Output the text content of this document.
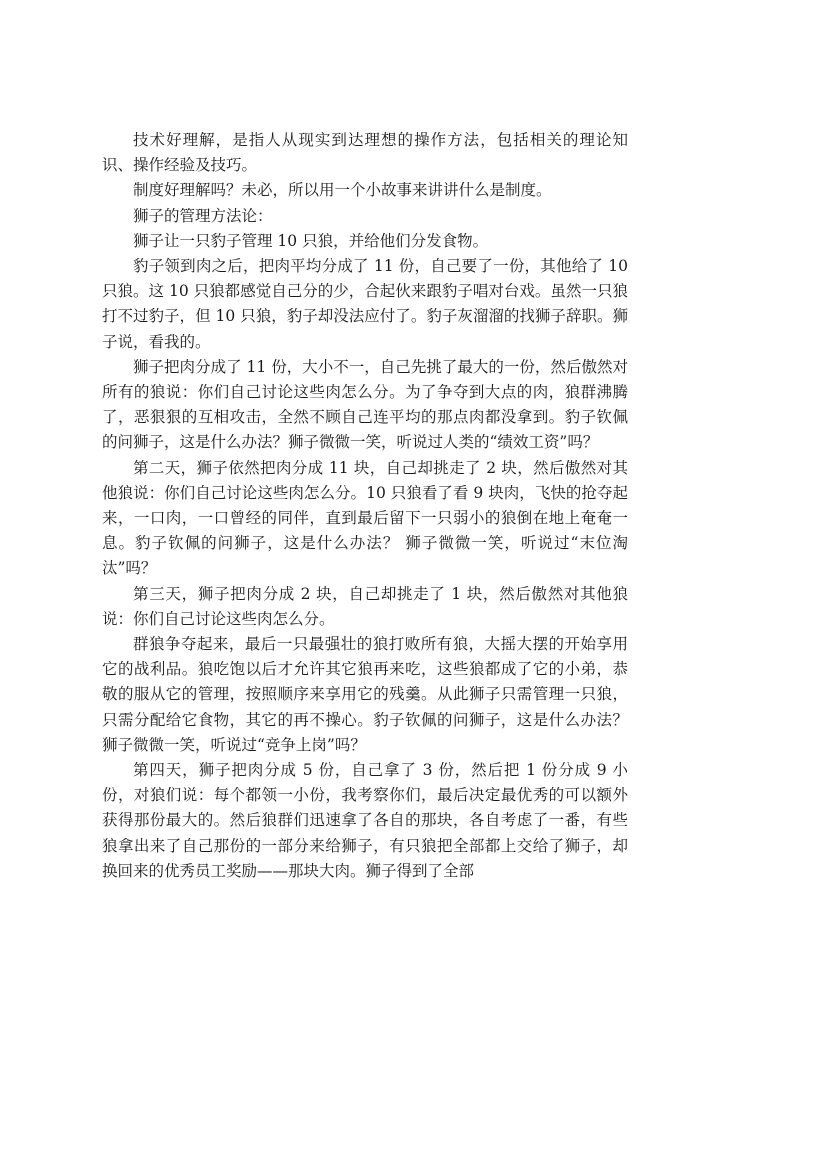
技术好理解，是指人从现实到达理想的操作方法，包括相关的理论知识、操作经验及技巧。

制度好理解吗？未必，所以用一个小故事来讲讲什么是制度。

狮子的管理方法论：

狮子让一只豹子管理 10 只狼，并给他们分发食物。

豹子领到肉之后，把肉平均分成了 11 份，自己要了一份，其他给了 10 只狼。这 10 只狼都感觉自己分的少，合起伙来跟豹子唱对台戏。虽然一只狼打不过豹子，但 10 只狼，豹子却没法应付了。豹子灰溜溜的找狮子辞职。狮子说，看我的。

狮子把肉分成了 11 份，大小不一，自己先挑了最大的一份，然后傲然对所有的狼说：你们自己讨论这些肉怎么分。为了争夺到大点的肉，狼群沸腾了，恶狠狠的互相攻击，全然不顾自己连平均的那点肉都没拿到。豹子钦佩的问狮子，这是什么办法？狮子微微一笑，听说过人类的“绩效工资”吗？

第二天，狮子依然把肉分成 11 块，自己却挑走了 2 块，然后傲然对其他狼说：你们自己讨论这些肉怎么分。10 只狼看了看 9 块肉，飞快的抢夺起来，一口肉，一口曾经的同伴，直到最后留下一只弱小的狼倒在地上奄奄一息。豹子钦佩的问狮子，这是什么办法？ 狮子微微一笑，听说过“末位淘汰”吗？

第三天，狮子把肉分成 2 块，自己却挑走了 1 块，然后傲然对其他狼说：你们自己讨论这些肉怎么分。

群狼争夺起来，最后一只最强壮的狼打败所有狼，大摇大摆的开始享用它的战利品。狼吃饱以后才允许其它狼再来吃，这些狼都成了它的小弟，恭敬的服从它的管理，按照顺序来享用它的残羹。从此狮子只需管理一只狼，只需分配给它食物，其它的再不操心。豹子钦佩的问狮子，这是什么办法？狮子微微一笑，听说过“竞争上岗”吗？

第四天，狮子把肉分成 5 份，自己拿了 3 份，然后把 1 份分成 9 小份，对狼们说：每个都领一小份，我考察你们，最后决定最优秀的可以额外获得那份最大的。然后狼群们迅速拿了各自的那块，各自考虑了一番，有些狼拿出来了自己那份的一部分来给狮子，有只狼把全部都上交给了狮子，却换回来的优秀员工奖励——那块大肉。狮子得到了全部
